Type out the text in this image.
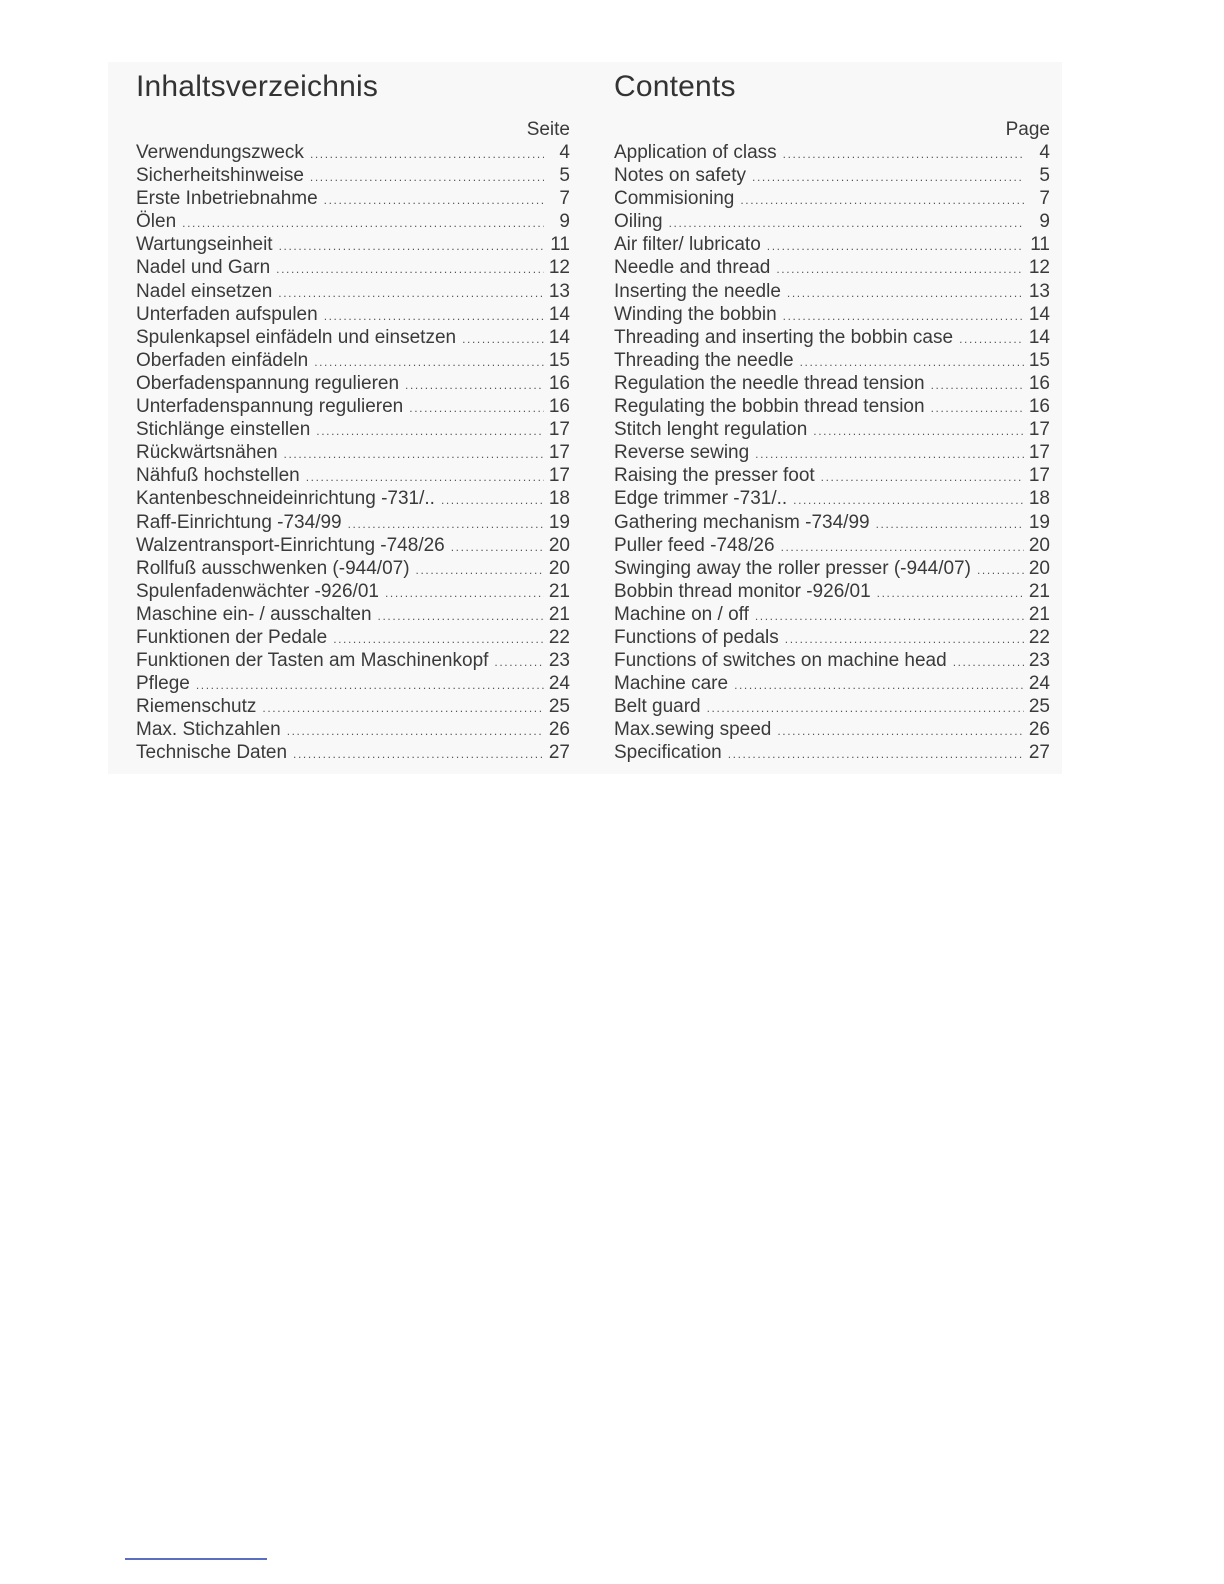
Inhaltsverzeichnis
Seite
Verwendungszweck .....	4
Sicherheitshinweise .....	5
Erste Inbetriebnahme .....	7
Ölen .....	9
Wartungseinheit .....	11
Nadel und Garn .....	12
Nadel einsetzen .....	13
Unterfaden aufspulen .....	14
Spulenkapsel einfädeln und einsetzen .....	14
Oberfaden einfädeln .....	15
Oberfadenspannung regulieren .....	16
Unterfadenspannung regulieren .....	16
Stichlänge einstellen .....	17
Rückwärtsnähen .....	17
Nähfuß hochstellen .....	17
Kantenbeschneideinrichtung -731/.. .....	18
Raff-Einrichtung -734/99 .....	19
Walzentransport-Einrichtung -748/26 .....	20
Rollfuß ausschwenken (-944/07) .....	20
Spulenfadenwächter -926/01 .....	21
Maschine ein- / ausschalten .....	21
Funktionen der Pedale .....	22
Funktionen der Tasten am Maschinenkopf .....	23
Pflege .....	24
Riemenschutz .....	25
Max. Stichzahlen .....	26
Technische Daten .....	27
Contents
Page
Application of class .....	4
Notes on safety .....	5
Commisioning .....	7
Oiling .....	9
Air filter/ lubricato .....	11
Needle and thread .....	12
Inserting the needle .....	13
Winding the bobbin .....	14
Threading and inserting the bobbin case .....	14
Threading the needle .....	15
Regulation the needle thread tension .....	16
Regulating the bobbin thread tension .....	16
Stitch lenght regulation .....	17
Reverse sewing .....	17
Raising the presser foot .....	17
Edge trimmer -731/.. .....	18
Gathering mechanism -734/99 .....	19
Puller feed -748/26 .....	20
Swinging away the roller presser (-944/07) .....	20
Bobbin thread monitor -926/01 .....	21
Machine on / off .....	21
Functions of pedals .....	22
Functions of switches on machine head .....	23
Machine care .....	24
Belt guard .....	25
Max.sewing speed .....	26
Specification .....	27
